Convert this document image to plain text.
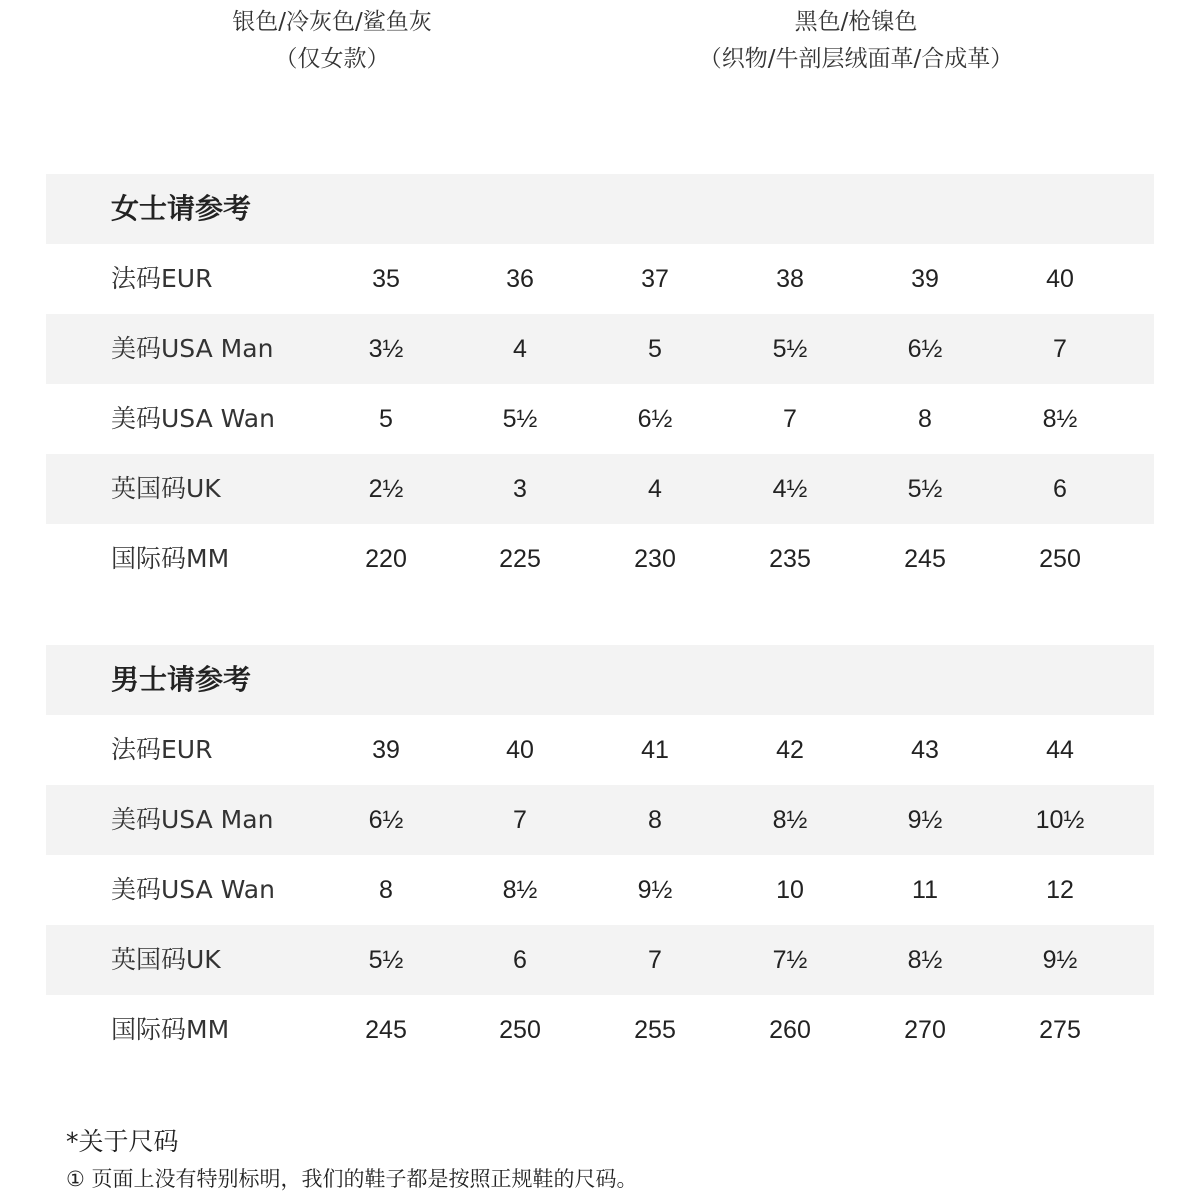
银色/冷灰色/鲨鱼灰
（仅女款）
黑色/枪镍色
（织物/牛剖层绒面革/合成革）
女士请参考
法码EUR	35	36	37	38	39	40
美码USA Man	3½	4	5	5½	6½	7
美码USA Wan	5	5½	6½	7	8	8½
英国码UK	2½	3	4	4½	5½	6
国际码MM	220	225	230	235	245	250
男士请参考
法码EUR	39	40	41	42	43	44
美码USA Man	6½	7	8	8½	9½	10½
美码USA Wan	8	8½	9½	10	11	12
英国码UK	5½	6	7	7½	8½	9½
国际码MM	245	250	255	260	270	275
*关于尺码
① 页面上没有特别标明，我们的鞋子都是按照正规鞋的尺码。
